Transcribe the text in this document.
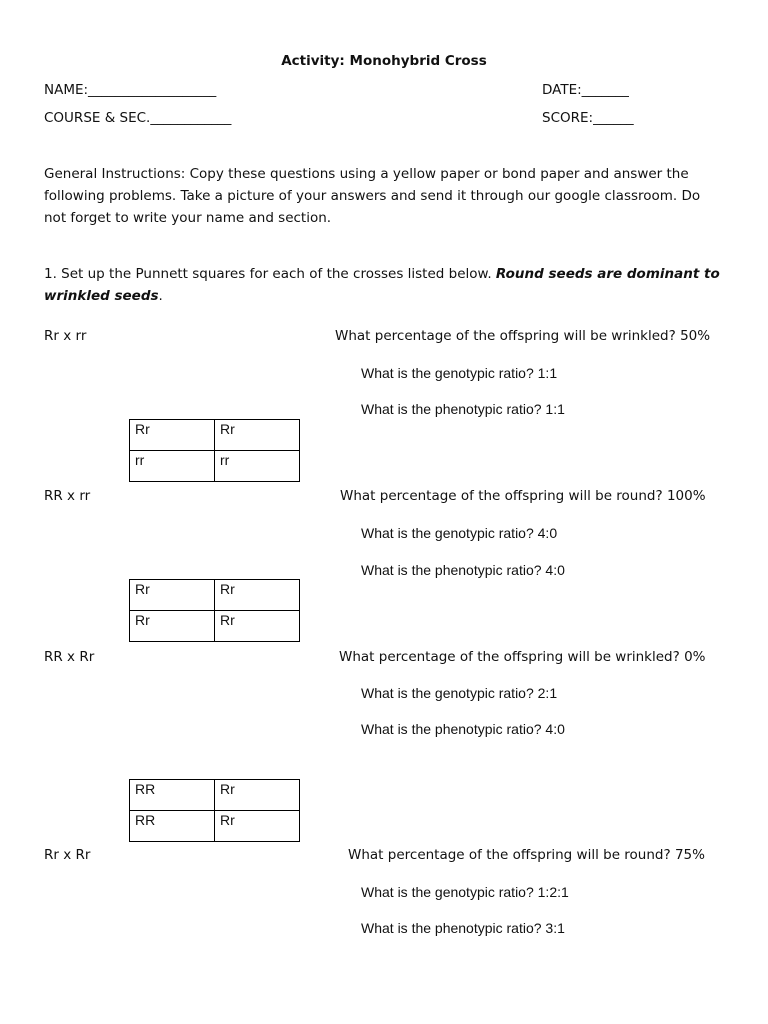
Activity: Monohybrid Cross
NAME:___________________	DATE:_______
COURSE & SEC.____________	SCORE:______
General Instructions: Copy these questions using a yellow paper or bond paper and answer the following problems. Take a picture of your answers and send it through our google classroom. Do not forget to write your name and section.
1. Set up the Punnett squares for each of the crosses listed below. Round seeds are dominant to wrinkled seeds.
Rr x rr	What percentage of the offspring will be wrinkled? 50%
What is the genotypic ratio? 1:1
What is the phenotypic ratio? 1:1
Rr	Rr
rr	rr
RR x rr	What percentage of the offspring will be round? 100%
What is the genotypic ratio? 4:0
What is the phenotypic ratio? 4:0
Rr	Rr
Rr	Rr
RR x Rr	What percentage of the offspring will be wrinkled? 0%
What is the genotypic ratio? 2:1
What is the phenotypic ratio? 4:0
RR	Rr
RR	Rr
Rr x Rr	What percentage of the offspring will be round? 75%
What is the genotypic ratio? 1:2:1
What is the phenotypic ratio? 3:1
